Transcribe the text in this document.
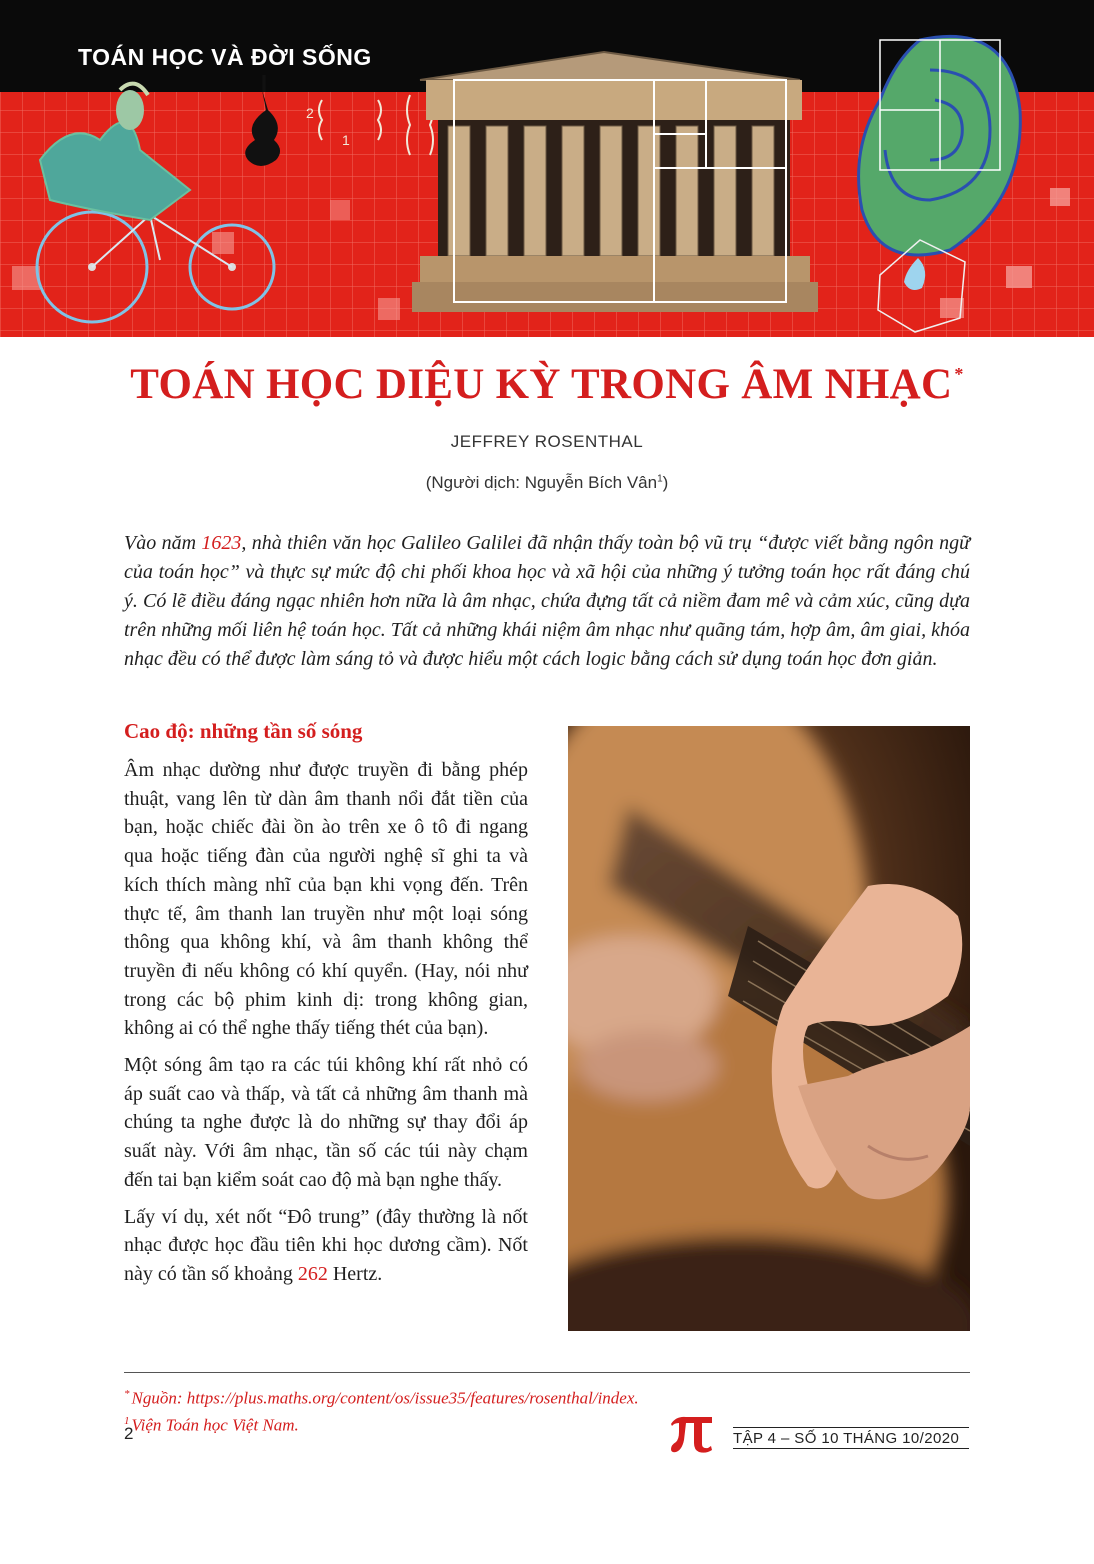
TOÁN HỌC VÀ ĐỜI SỐNG
2
1
TOÁN HỌC DIỆU KỲ TRONG ÂM NHẠC *
JEFFREY ROSENTHAL
(Người dịch: Nguyễn Bích Vân$^1$)
Vào năm 1623, nhà thiên văn học Galileo Galilei đã nhận thấy toàn bộ vũ trụ “được viết bằng ngôn ngữ của toán học” và thực sự mức độ chi phối khoa học và xã hội của những ý tưởng toán học rất đáng chú ý. Có lẽ điều đáng ngạc nhiên hơn nữa là âm nhạc, chứa đựng tất cả niềm đam mê và cảm xúc, cũng dựa trên những mối liên hệ toán học. Tất cả những khái niệm âm nhạc như quãng tám, hợp âm, âm giai, khóa nhạc đều có thể được làm sáng tỏ và được hiểu một cách logic bằng cách sử dụng toán học đơn giản.
Cao độ: những tần số sóng

Âm nhạc dường như được truyền đi bằng phép thuật, vang lên từ dàn âm thanh nổi đắt tiền của bạn, hoặc chiếc đài ồn ào trên xe ô tô đi ngang qua hoặc tiếng đàn của người nghệ sĩ ghi ta và kích thích màng nhĩ của bạn khi vọng đến. Trên thực tế, âm thanh lan truyền như một loại sóng thông qua không khí, và âm thanh không thể truyền đi nếu không có khí quyển. (Hay, nói như trong các bộ phim kinh dị: trong không gian, không ai có thể nghe thấy tiếng thét của bạn).

Một sóng âm tạo ra các túi không khí rất nhỏ có áp suất cao và thấp, và tất cả những âm thanh mà chúng ta nghe được là do những sự thay đổi áp suất này. Với âm nhạc, tần số các túi này chạm đến tai bạn kiểm soát cao độ mà bạn nghe thấy.

Lấy ví dụ, xét nốt “Đô trung” (đây thường là nốt nhạc được học đầu tiên khi học dương cầm). Nốt này có tần số khoảng 262 Hertz.

* Nguồn: https://plus.maths.org/content/os/issue35/features/rosenthal/index.
$^1$ Viện Toán học Việt Nam.
2	TẬP 4 – SỐ 10 THÁNG 10/2020
